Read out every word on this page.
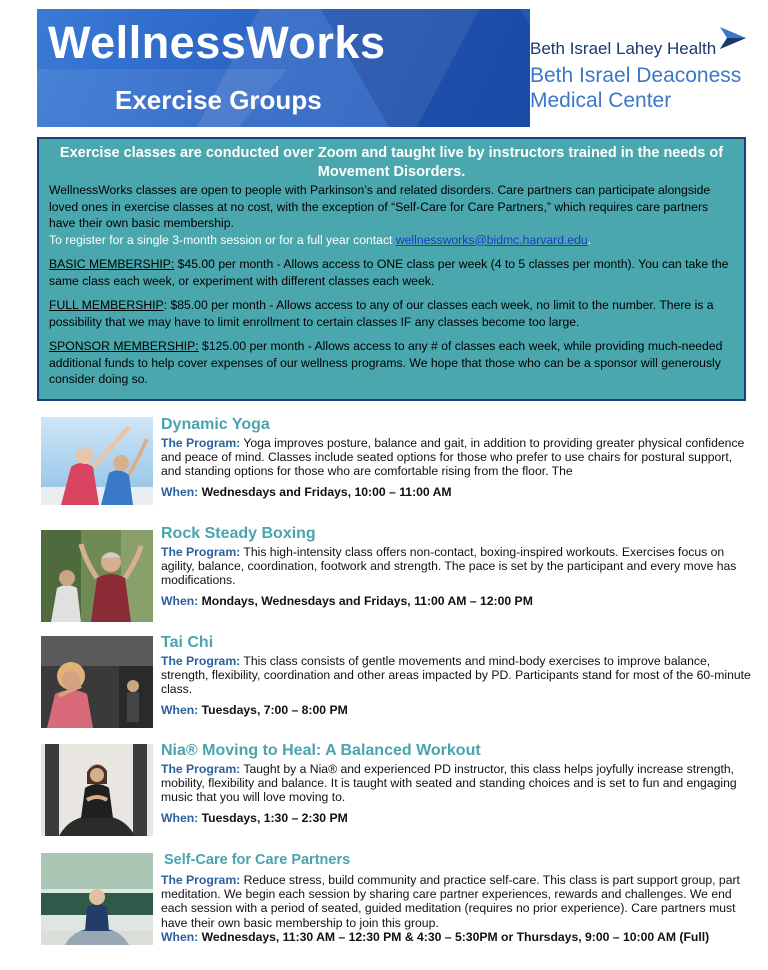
WellnessWorks
Exercise Groups
Beth Israel Lahey Health
Beth Israel Deaconess
Medical Center
Exercise classes are conducted over Zoom and taught live by instructors trained in the needs of Movement Disorders.

WellnessWorks classes are open to people with Parkinson’s and related disorders. Care partners can participate alongside loved ones in exercise classes at no cost, with the exception of “Self-Care for Care Partners,” which requires care partners have their own basic membership.

To register for a single 3-month session or for a full year contact wellnessworks@bidmc.harvard.edu.

BASIC MEMBERSHIP: $45.00 per month - Allows access to ONE class per week (4 to 5 classes per month). You can take the same class each week, or experiment with different classes each week.

FULL MEMBERSHIP: $85.00 per month - Allows access to any of our classes each week, no limit to the number. There is a possibility that we may have to limit enrollment to certain classes IF any classes become too large.

SPONSOR MEMBERSHIP: $125.00 per month - Allows access to any # of classes each week, while providing much-needed additional funds to help cover expenses of our wellness programs. We hope that those who can be a sponsor will generously consider doing so.

Dynamic Yoga
The Program: Yoga improves posture, balance and gait, in addition to providing greater physical confidence and peace of mind. Classes include seated options for those who prefer to use chairs for postural support, and standing options for those who are comfortable rising from the floor. The
When: Wednesdays and Fridays, 10:00 – 11:00 AM
Rock Steady Boxing
The Program: This high-intensity class offers non-contact, boxing-inspired workouts. Exercises focus on agility, balance, coordination, footwork and strength. The pace is set by the participant and every move has modifications.
When: Mondays, Wednesdays and Fridays, 11:00 AM – 12:00 PM
Tai Chi
The Program: This class consists of gentle movements and mind-body exercises to improve balance, strength, flexibility, coordination and other areas impacted by PD. Participants stand for most of the 60-minute class.
When: Tuesdays, 7:00 – 8:00 PM
Nia® Moving to Heal: A Balanced Workout
The Program: Taught by a Nia® and experienced PD instructor, this class helps joyfully increase strength, mobility, flexibility and balance. It is taught with seated and standing choices and is set to fun and engaging music that you will love moving to.
When: Tuesdays, 1:30 – 2:30 PM
Self-Care for Care Partners
The Program: Reduce stress, build community and practice self-care. This class is part support group, part meditation. We begin each session by sharing care partner experiences, rewards and challenges. We end each session with a period of seated, guided meditation (requires no prior experience). Care partners must have their own basic membership to join this group.
When: Wednesdays, 11:30 AM – 12:30 PM & 4:30 – 5:30PM or Thursdays, 9:00 – 10:00 AM (Full)
